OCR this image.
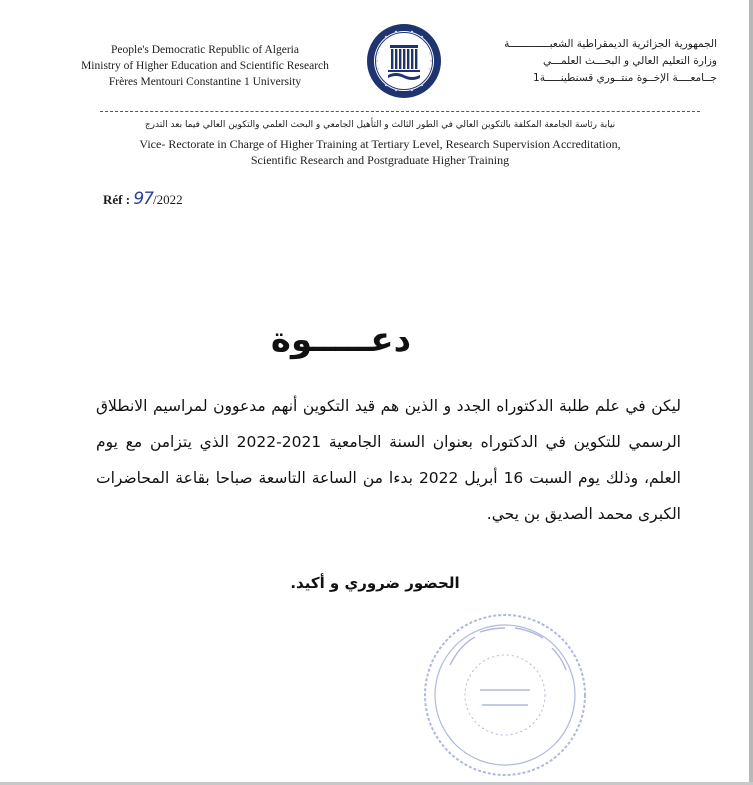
People's Democratic Republic of Algeria
Ministry of Higher Education and Scientific Research
Frères Mentouri Constantine 1 University
الجمهورية الجزائرية الديمقراطية الشعبـــــــــــــة
وزارة التعليم العالي و البحـــث العلمـــي
جــامعــــة الإخــوة منتــوري قسنطينـــــة1
نيابة رئاسة الجامعة المكلفة بالتكوين العالي في الطور الثالث و التأهيل الجامعي و البحث العلمي والتكوين العالي فيما بعد التدرج
Vice- Rectorate in Charge of Higher Training at Tertiary Level, Research Supervision Accreditation,
Scientific Research and Postgraduate Higher Training
Réf : 97/2022
دعـــــوة
ليكن في علم طلبة الدكتوراه الجدد و الذين هم قيد التكوين أنهم مدعوون لمراسيم الانطلاق الرسمي للتكوين في الدكتوراه بعنوان السنة الجامعية 2021-2022 الذي يتزامن مع يوم العلم، وذلك يوم السبت 16 أبريل 2022 بدءا من الساعة التاسعة صباحا بقاعة المحاضرات الكبرى محمد الصديق بن يحي.
الحضور ضروري و أكيد.
